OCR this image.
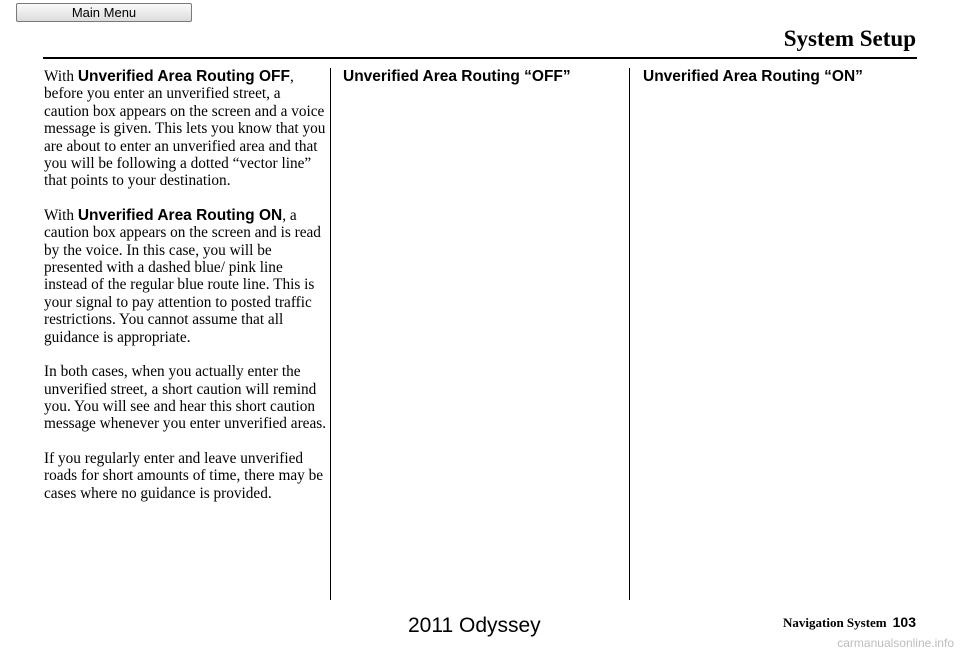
Main Menu
System Setup

With Unverified Area Routing OFF, before you enter an unverified street, a caution box appears on the screen and a voice message is given. This lets you know that you are about to enter an unverified area and that you will be following a dotted “vector line” that points to your destination.

With Unverified Area Routing ON, a caution box appears on the screen and is read by the voice. In this case, you will be presented with a dashed blue/ pink line instead of the regular blue route line. This is your signal to pay attention to posted traffic restrictions. You cannot assume that all guidance is appropriate.

In both cases, when you actually enter the unverified street, a short caution will remind you. You will see and hear this short caution message whenever you enter unverified areas.

If you regularly enter and leave unverified roads for short amounts of time, there may be cases where no guidance is provided.

Unverified Area Routing “OFF”	Unverified Area Routing “ON”
2011 Odyssey	Navigation System 103
carmanualsonline.info
